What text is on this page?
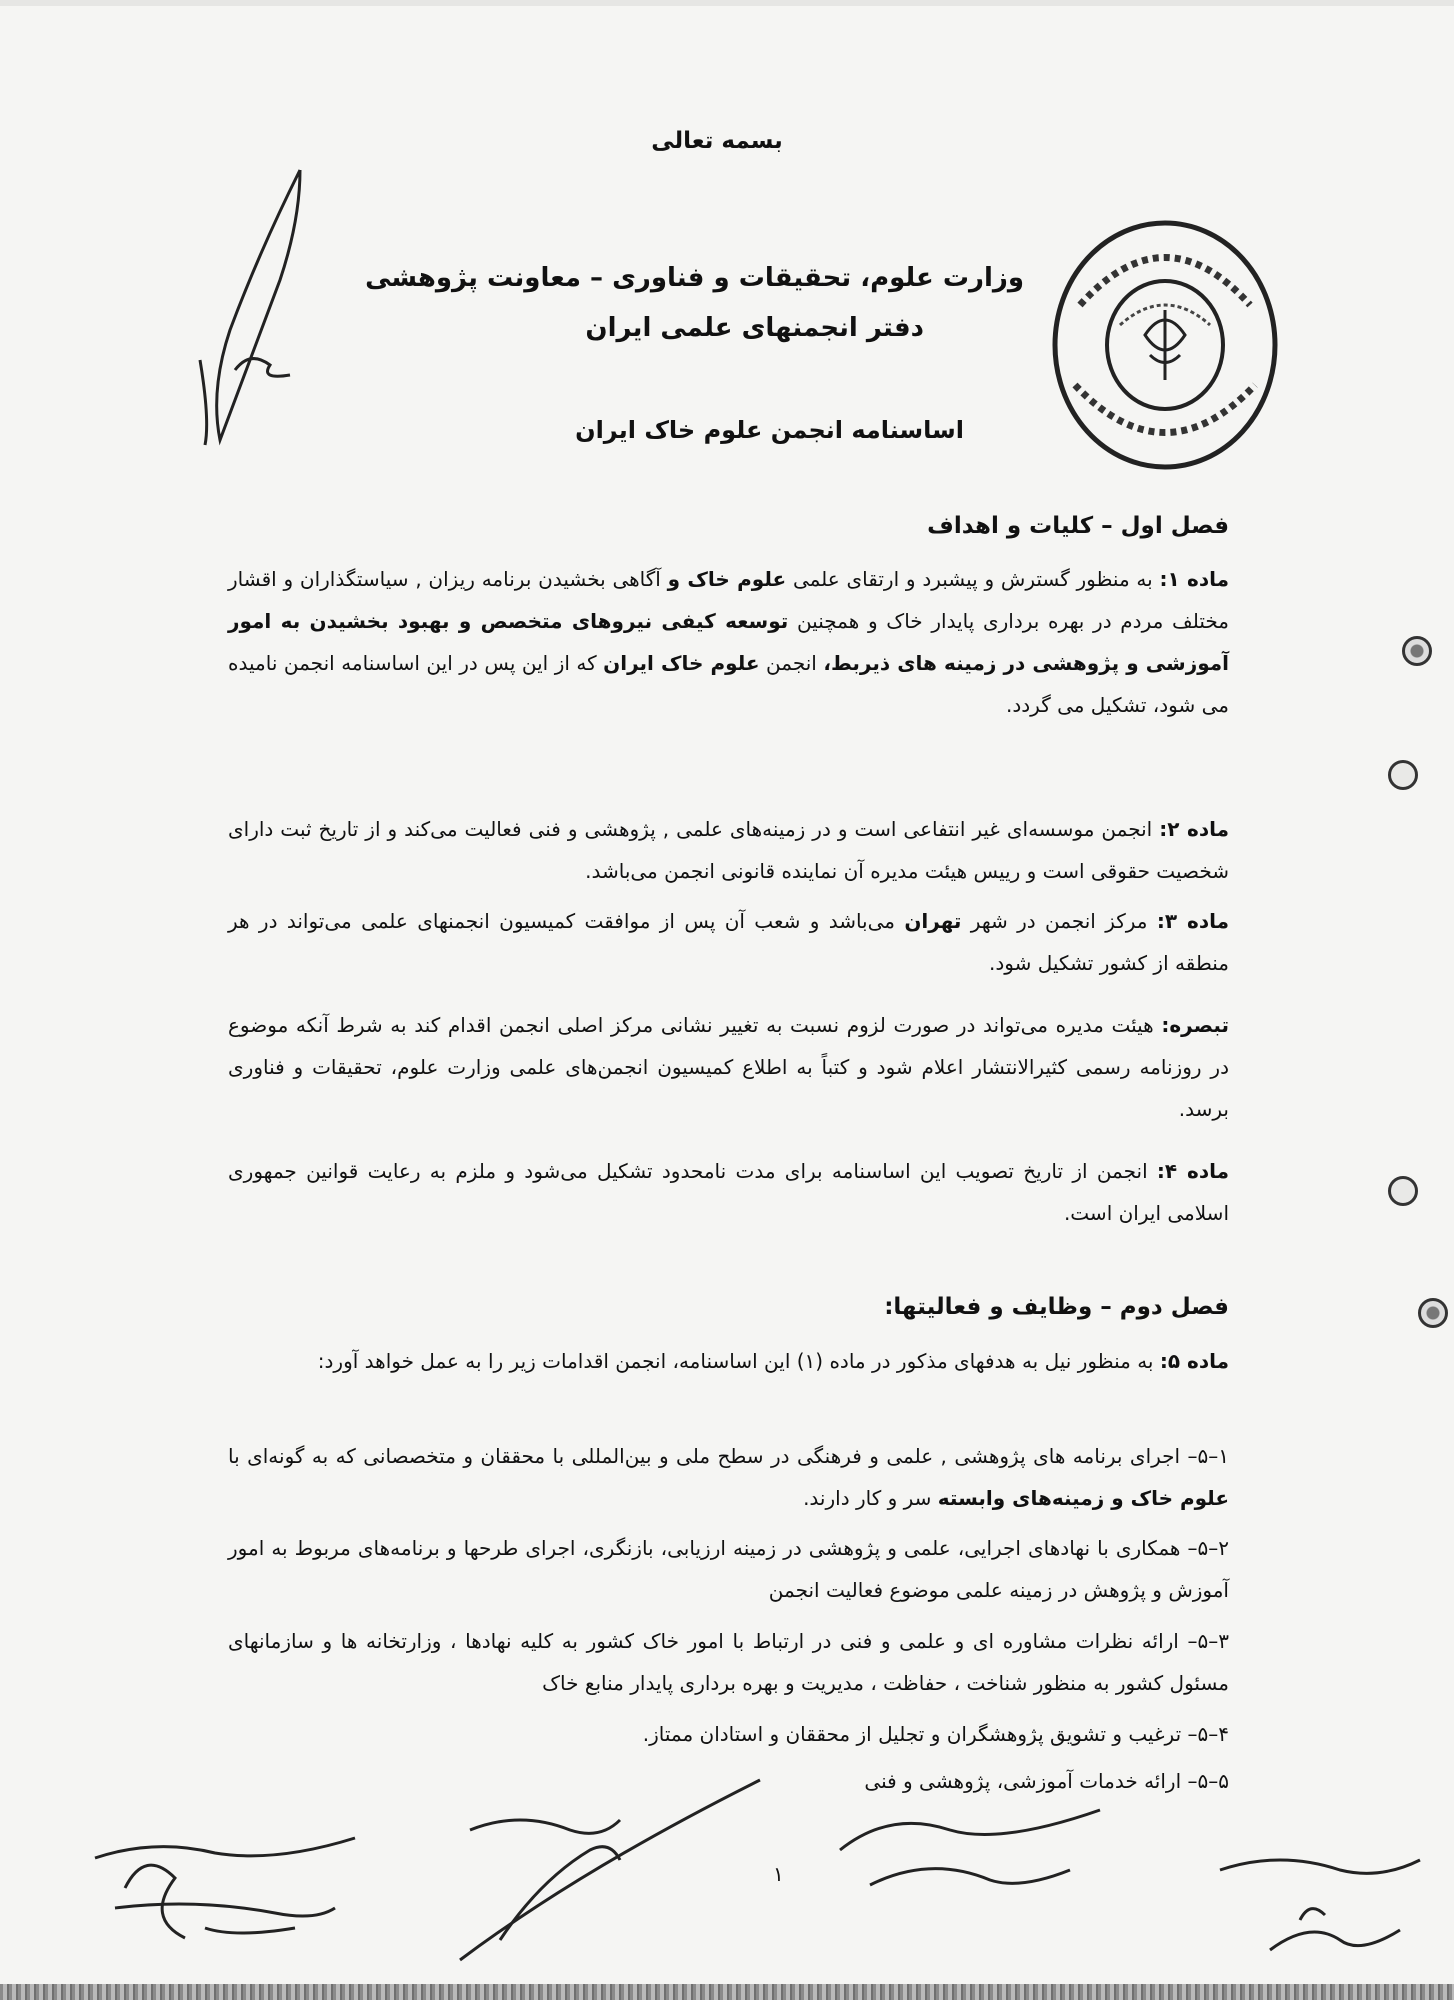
بسمه تعالی
وزارت علوم، تحقیقات و فناوری – معاونت پژوهشی
دفتر انجمنهای علمی ایران
اساسنامه انجمن علوم خاک ایران
فصل اول – کلیات و اهداف
ماده ۱: به منظور گسترش و پیشبرد و ارتقای علمی علوم خاک و آگاهی بخشیدن برنامه ریزان , سیاستگذاران و اقشار مختلف مردم در بهره برداری پایدار خاک و همچنین توسعه کیفی نیروهای متخصص و بهبود بخشیدن به امور آموزشی و پژوهشی در زمینه های ذیربط، انجمن علوم خاک ایران که از این پس در این اساسنامه انجمن نامیده می شود، تشکیل می گردد.
ماده ۲: انجمن موسسه‌ای غیر انتفاعی است و در زمینه‌های علمی , پژوهشی و فنی فعالیت می‌کند و از تاریخ ثبت دارای شخصیت حقوقی است و رییس هیئت مدیره آن نماینده قانونی انجمن می‌باشد.
ماده ۳: مرکز انجمن در شهر تهران می‌باشد و شعب آن پس از موافقت کمیسیون انجمنهای علمی می‌تواند در هر منطقه از کشور تشکیل شود.
تبصره: هیئت مدیره می‌تواند در صورت لزوم نسبت به تغییر نشانی مرکز اصلی انجمن اقدام کند به شرط آنکه موضوع در روزنامه رسمی کثیرالانتشار اعلام شود و کتباً به اطلاع کمیسیون انجمن‌های علمی وزارت علوم، تحقیقات و فناوری برسد.
ماده ۴: انجمن از تاریخ تصویب این اساسنامه برای مدت نامحدود تشکیل می‌شود و ملزم به رعایت قوانین جمهوری اسلامی ایران است.
فصل دوم – وظایف و فعالیتها:
ماده ۵: به منظور نیل به هدفهای مذکور در ماده (۱) این اساسنامه، انجمن اقدامات زیر را به عمل خواهد آورد:
۱–۵– اجرای برنامه های پژوهشی , علمی و فرهنگی در سطح ملی و بین‌المللی با محققان و متخصصانی که به گونه‌ای با علوم خاک و زمینه‌های وابسته سر و کار دارند.
۲–۵– همکاری با نهادهای اجرایی، علمی و پژوهشی در زمینه ارزیابی، بازنگری، اجرای طرحها و برنامه‌های مربوط به امور آموزش و پژوهش در زمینه علمی موضوع فعالیت انجمن
۳–۵– ارائه نظرات مشاوره ای و علمی و فنی در ارتباط با امور خاک کشور به کلیه نهادها ، وزارتخانه ها و سازمانهای مسئول کشور به منظور شناخت ، حفاظت ، مدیریت و بهره برداری پایدار منابع خاک
۴–۵– ترغیب و تشویق پژوهشگران و تجلیل از محققان و استادان ممتاز.
۵–۵– ارائه خدمات آموزشی، پژوهشی و فنی
۱
